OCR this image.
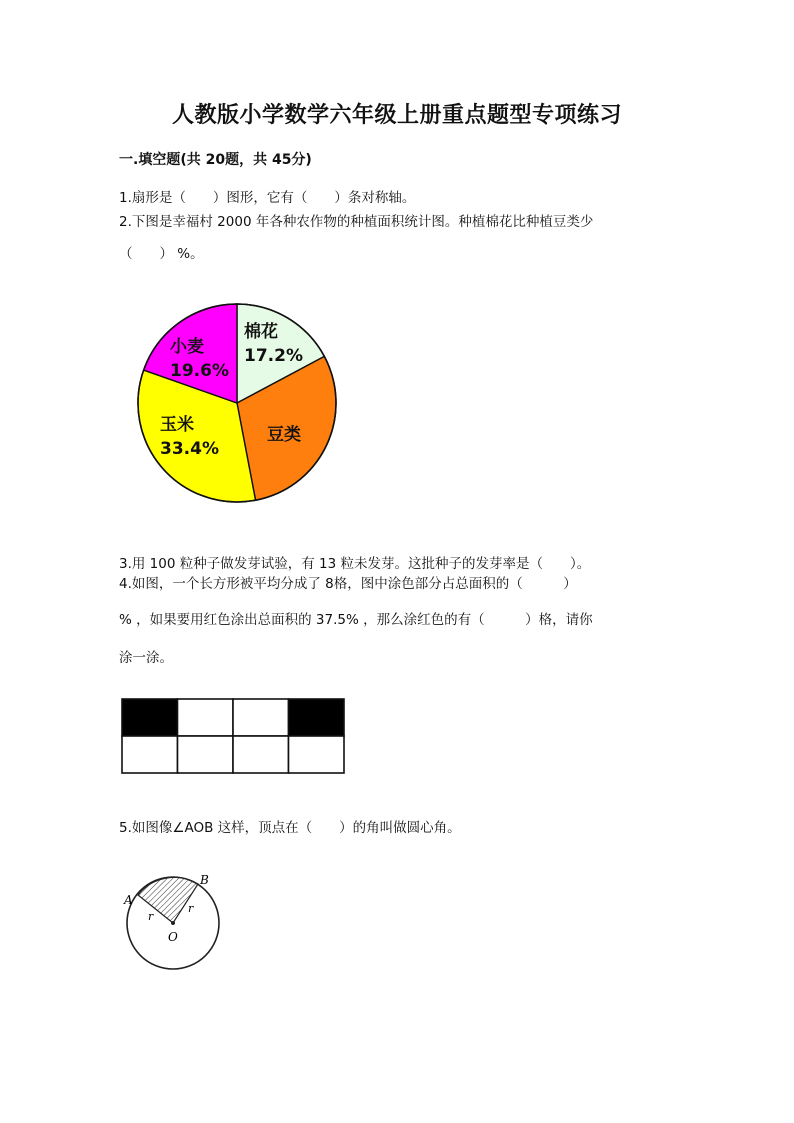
人教版小学数学六年级上册重点题型专项练习
一.填空题(共 20题，共 45分)
1.扇形是（　　）图形，它有（　　）条对称轴。
2.下图是幸福村 2000 年各种农作物的种植面积统计图。种植棉花比种植豆类少
（　　） %。
棉花
17.2%
豆类
玉米
33.4%
小麦
19.6%
3.用 100 粒种子做发芽试验，有 13 粒未发芽。这批种子的发芽率是（　　）。
4.如图，一个长方形被平均分成了 8格，图中涂色部分占总面积的（　　　）
% ，如果要用红色涂出总面积的 37.5% ，那么涂红色的有（　　　）格，请你
涂一涂。
5.如图像∠AOB 这样，顶点在（　　）的角叫做圆心角。
A
B
O
r
r
